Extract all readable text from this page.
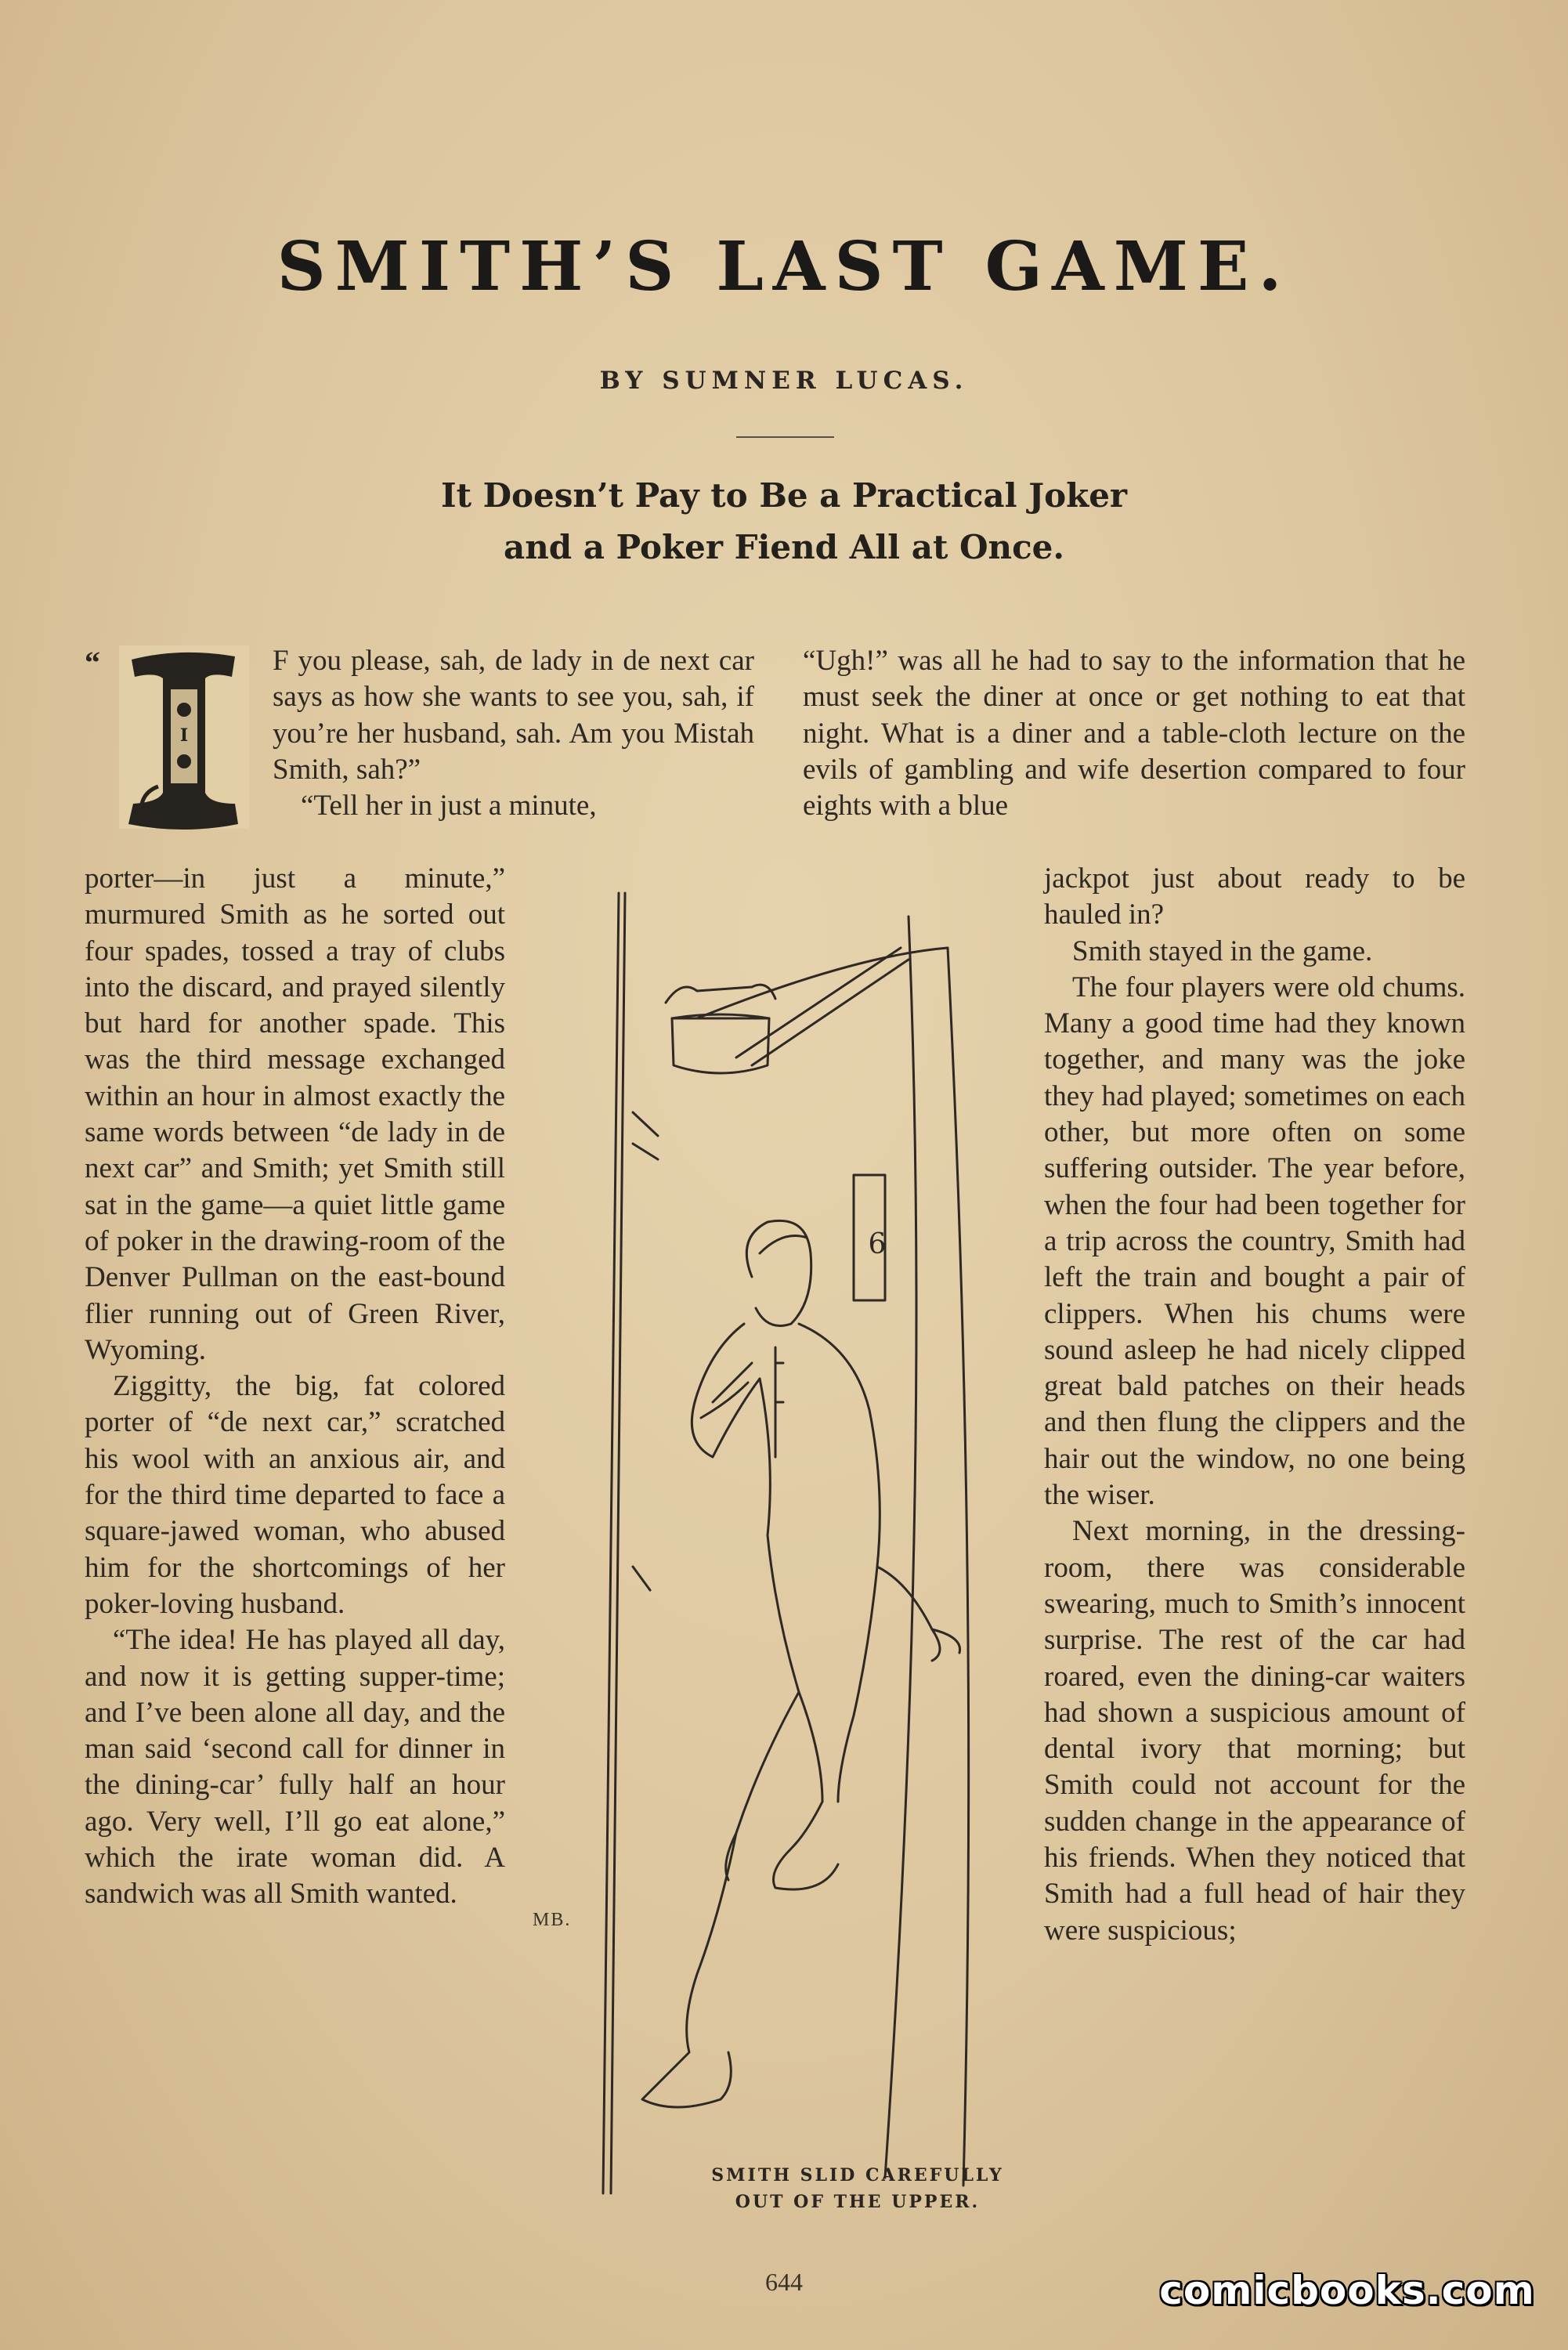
SMITH’S LAST GAME.
BY SUMNER LUCAS.
It Doesn’t Pay to Be a Practical Joker
and a Poker Fiend All at Once.
“
I

F you please, sah, de lady in de next car says as how she wants to see you, sah, if you’re her husband, sah. Am you Mistah Smith, sah?”

“Tell her in just a minute,

porter—in just a minute,” murmured Smith as he sorted out four spades, tossed a tray of clubs into the discard, and prayed silently but hard for another spade. This was the third message exchanged within an hour in almost exactly the same words between “de lady in de next car” and Smith; yet Smith still sat in the game—a quiet little game of poker in the drawing-room of the Denver Pullman on the east-bound flier running out of Green River, Wyoming.

Ziggitty, the big, fat colored porter of “de next car,” scratched his wool with an anxious air, and for the third time departed to face a square-jawed woman, who abused him for the shortcomings of her poker-loving husband.

“The idea! He has played all day, and now it is getting supper-time; and I’ve been alone all day, and the man said ‘second call for dinner in the dining-car’ fully half an hour ago. Very well, I’ll go eat alone,” which the irate woman did. A sandwich was all Smith wanted.

“Ugh!” was all he had to say to the information that he must seek the diner at once or get nothing to eat that night. What is a diner and a table-cloth lecture on the evils of gambling and wife desertion compared to four eights with a blue

jackpot just about ready to be hauled in?

Smith stayed in the game.

The four players were old chums. Many a good time had they known together, and many was the joke they had played; sometimes on each other, but more often on some suffering outsider. The year before, when the four had been together for a trip across the country, Smith had left the train and bought a pair of clippers. When his chums were sound asleep he had nicely clipped great bald patches on their heads and then flung the clippers and the hair out the window, no one being the wiser.

Next morning, in the dressing-room, there was considerable swearing, much to Smith’s innocent surprise. The rest of the car had roared, even the dining-car waiters had shown a suspicious amount of dental ivory that morning; but Smith could not account for the sudden change in the appearance of his friends. When they noticed that Smith had a full head of hair they were suspicious;

6
MB.
SMITH SLID CAREFULLY
OUT OF THE UPPER.
644	comicbooks.com
